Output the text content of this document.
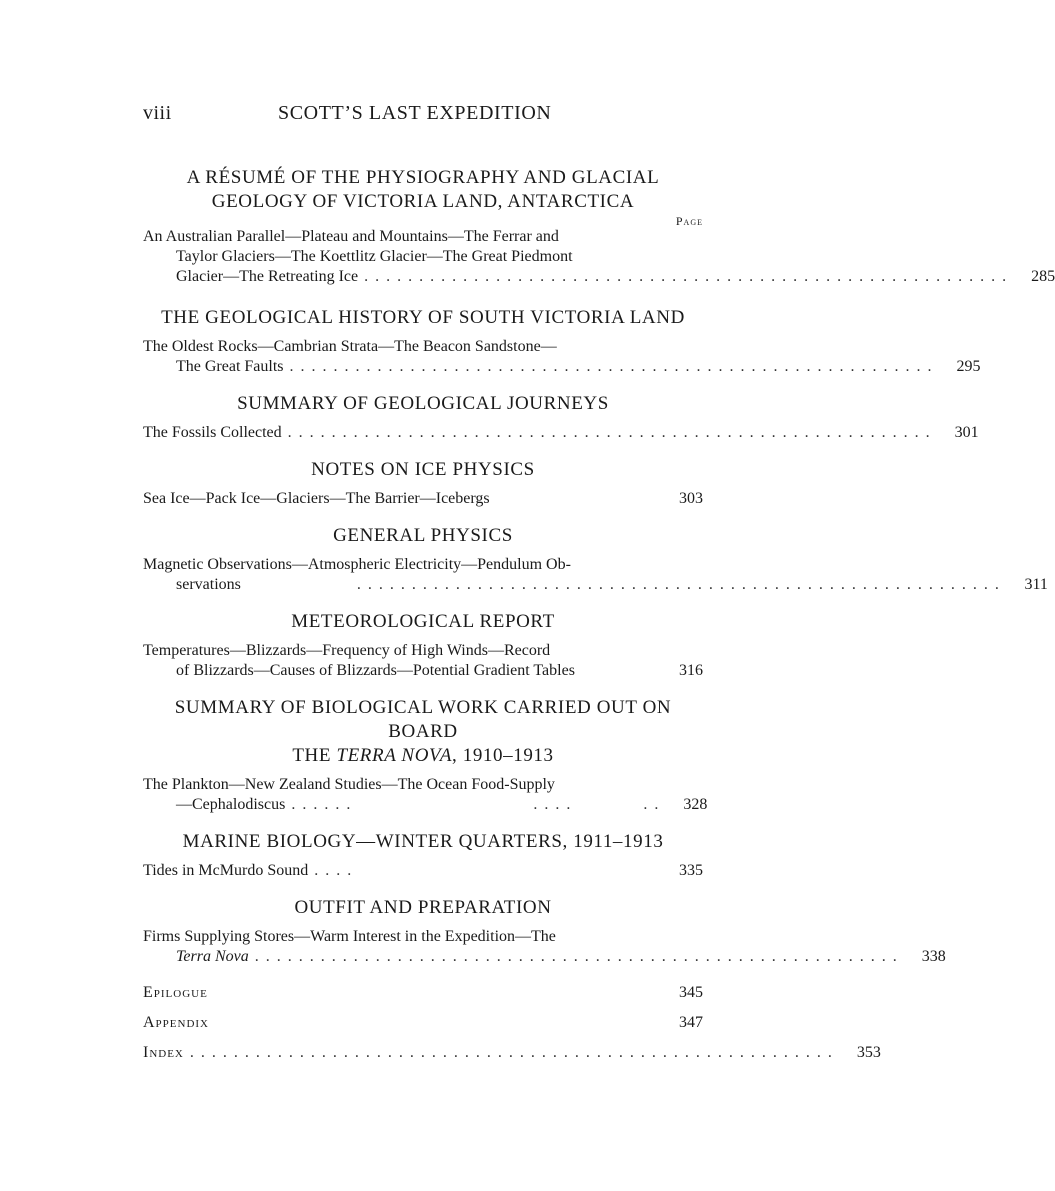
viii	SCOTT’S LAST EXPEDITION
A RÉSUMÉ OF THE PHYSIOGRAPHY AND GLACIAL
GEOLOGY OF VICTORIA LAND, ANTARCTICA
Page
An Australian Parallel—Plateau and Mountains—The Ferrar and
Taylor Glaciers—The Koettlitz Glacier—The Great Piedmont
Glacier—The Retreating Ice ...........................................................	285
THE GEOLOGICAL HISTORY OF SOUTH VICTORIA LAND
The Oldest Rocks—Cambrian Strata—The Beacon Sandstone—
The Great Faults ...........................................................	295
SUMMARY OF GEOLOGICAL JOURNEYS
The Fossils Collected ...........................................................	301
NOTES ON ICE PHYSICS
Sea Ice—Pack Ice—Glaciers—The Barrier—Icebergs	303
GENERAL PHYSICS
Magnetic Observations—Atmospheric Electricity—Pendulum Ob-
servations	...........................................................	311
METEOROLOGICAL REPORT
Temperatures—Blizzards—Frequency of High Winds—Record
of Blizzards—Causes of Blizzards—Potential Gradient Tables	316
SUMMARY OF BIOLOGICAL WORK CARRIED OUT ON BOARD
THE TERRA NOVA, 1910–1913
The Plankton—New Zealand Studies—The Ocean Food-Supply
—Cephalodiscus ......                ....      ..	328
MARINE BIOLOGY—WINTER QUARTERS, 1911–1913
Tides in McMurdo Sound ....	335
OUTFIT AND PREPARATION
Firms Supplying Stores—Warm Interest in the Expedition—The
Terra Nova ...........................................................	338
Epilogue	345
Appendix	347
Index ...........................................................	353
